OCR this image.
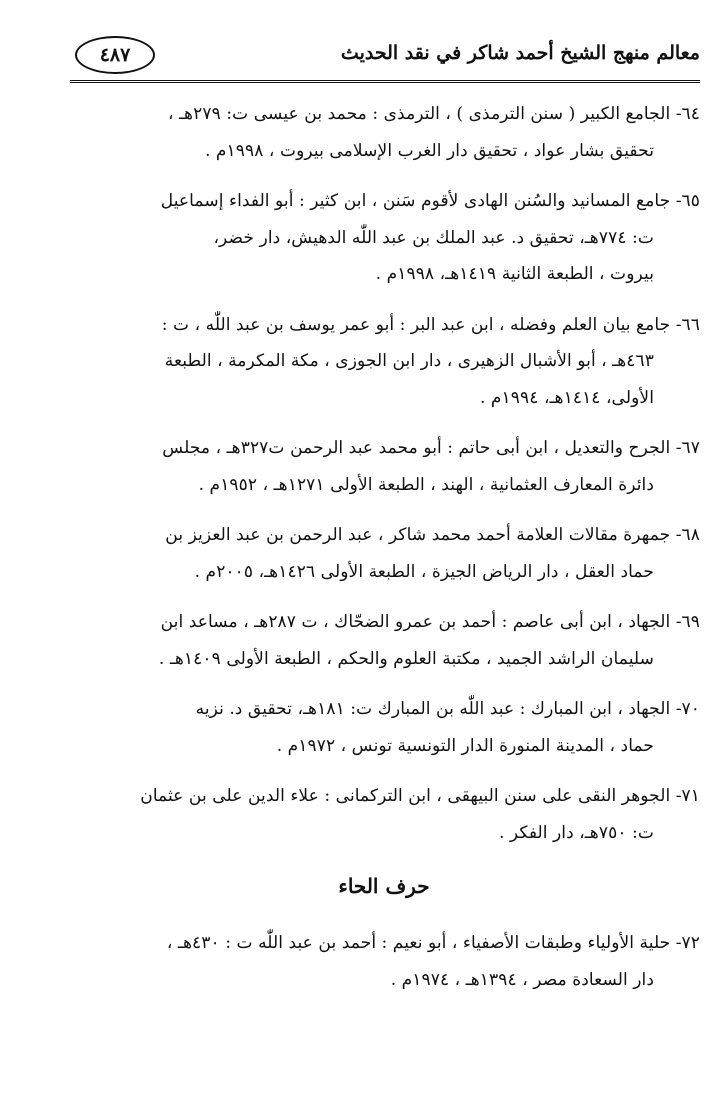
معالم منهج الشيخ أحمد شاكر في نقد الحديث
٤٨٧

٦٤- الجامع الكبير ( سنن الترمذى ) ، الترمذى : محمد بن عيسى ت: ٢٧٩هـ ،

تحقيق بشار عواد ، تحقيق دار الغرب الإسلامى بيروت ، ١٩٩٨م .

٦٥- جامع المسانيد والسُنن الهادى لأقوم سَنن ، ابن كثير : أبو الفداء إسماعيل

ت: ٧٧٤هـ، تحقيق د. عبد الملك بن عبد اللّٰه الدهيش، دار خضر،

بيروت ، الطبعة الثانية ١٤١٩هـ، ١٩٩٨م .

٦٦- جامع بيان العلم وفضله ، ابن عبد البر : أبو عمر يوسف بن عبد اللّٰه ، ت :

٤٦٣هـ ، أبو الأشبال الزهيرى ، دار ابن الجوزى ، مكة المكرمة ، الطبعة

الأولى، ١٤١٤هـ، ١٩٩٤م .

٦٧- الجرح والتعديل ، ابن أبى حاتم : أبو محمد عبد الرحمن ت٣٢٧هـ ، مجلس

دائرة المعارف العثمانية ، الهند ، الطبعة الأولى ١٢٧١هـ ، ١٩٥٢م .

٦٨- جمهرة مقالات العلامة أحمد محمد شاكر ، عبد الرحمن بن عبد العزيز بن

حماد العقل ، دار الرياض الجيزة ، الطبعة الأولى ١٤٢٦هـ، ٢٠٠٥م .

٦٩- الجهاد ، ابن أبى عاصم : أحمد بن عمرو الضحّاك ، ت ٢٨٧هـ ، مساعد ابن

سليمان الراشد الجميد ، مكتبة العلوم والحكم ، الطبعة الأولى ١٤٠٩هـ .

٧٠- الجهاد ، ابن المبارك : عبد اللّٰه بن المبارك ت: ١٨١هـ، تحقيق د. نزيه

حماد ، المدينة المنورة الدار التونسية تونس ، ١٩٧٢م .

٧١- الجوهر النقى على سنن البيهقى ، ابن التركمانى : علاء الدين على بن عثمان

ت: ٧٥٠هـ، دار الفكر .

حرف الحاء

٧٢- حلية الأولياء وطبقات الأصفياء ، أبو نعيم : أحمد بن عبد اللّٰه ت : ٤٣٠هـ ،

دار السعادة مصر ، ١٣٩٤هـ ، ١٩٧٤م .
